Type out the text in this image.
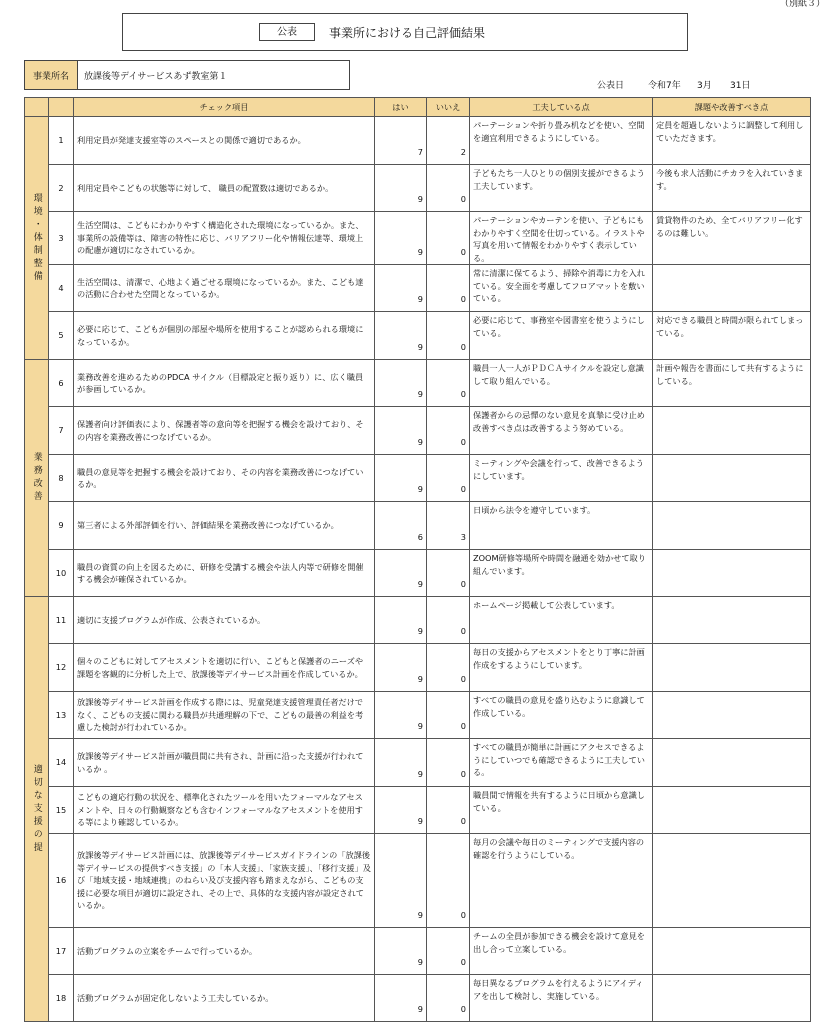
（別紙３）
公表	事業所における自己評価結果
事業所名	放課後等デイサービスあず教室第１
公表日	令和7年 3月 31日
		チェック項目	はい	いいえ	工夫している点	課題や改善すべき点

環境・体制整備	1	利用定員が発達支援室等のスペースとの関係で適切であるか。	7	2	パーテーションや折り畳み机などを使い、空間を適宜利用できるようにしている。	定員を超過しないように調整して利用していただきます。
	2	利用定員やこどもの状態等に対して、 職員の配置数は適切であるか。	9	0	子どもたち一人ひとりの個別支援ができるよう工夫しています。	今後も求人活動にチカラを入れていきます。
	3	生活空間は、こどもにわかりやすく構造化された環境になっているか。また、事業所の設備等は、障害の特性に応じ、バリアフリー化や情報伝達等、環境上の配慮が適切になされているか。	9	0	パーテーションやカーテンを使い、子どもにもわかりやすく空間を仕切っている。イラストや写真を用いて情報をわかりやすく表示している。	賃貸物件のため、全てバリアフリー化するのは難しい。
	4	生活空間は、清潔で、心地よく過ごせる環境になっているか。また、こども達の活動に合わせた空間となっているか。	9	0	常に清潔に保てるよう、掃除や消毒に力を入れている。安全面を考慮してフロアマットを敷いている。	
	5	必要に応じて、こどもが個別の部屋や場所を使用することが認められる環境になっているか。	9	0	必要に応じて、事務室や図書室を使うようにしている。	対応できる職員と時間が限られてしまっている。

業務改善	6	業務改善を進めるためのPDCA サイクル（目標設定と振り返り）に、広く職員が参画しているか。	9	0	職員一人一人がＰＤＣＡサイクルを設定し意識して取り組んでいる。	計画や報告を書面にして共有するようにしている。
	7	保護者向け評価表により、保護者等の意向等を把握する機会を設けており、その内容を業務改善につなげているか。	9	0	保護者からの忌憚のない意見を真摯に受け止め改善すべき点は改善するよう努めている。	
	8	職員の意見等を把握する機会を設けており、その内容を業務改善につなげているか。	9	0	ミーティングや会議を行って、改善できるようにしています。	
	9	第三者による外部評価を行い、評価結果を業務改善につなげているか。	6	3	日頃から法令を遵守しています。	
	10	職員の資質の向上を図るために、研修を受講する機会や法人内等で研修を開催する機会が確保されているか。	9	0	ZOOM研修等場所や時間を融通を効かせて取り組んでいます。	

適切な支援の提	11	適切に支援プログラムが作成、公表されているか。	9	0	ホームページ掲載して公表しています。	
	12	個々のこどもに対してアセスメントを適切に行い、こどもと保護者のニーズや課題を客観的に分析した上で、放課後等デイサービス計画を作成しているか。	9	0	毎日の支援からアセスメントをとり丁寧に計画作成をするようにしています。	
	13	放課後等デイサービス計画を作成する際には、児童発達支援管理責任者だけでなく、こどもの支援に関わる職員が共通理解の下で、こどもの最善の利益を考慮した検討が行われているか。	9	0	すべての職員の意見を盛り込むように意識して作成している。	
	14	放課後等デイサービス計画が職員間に共有され、計画に沿った支援が行われているか 。	9	0	すべての職員が簡単に計画にアクセスできるようにしていつでも確認できるように工夫している。	
	15	こどもの適応行動の状況を、標準化されたツールを用いたフォーマルなアセスメントや、日々の行動観察なども含むインフォーマルなアセスメントを使用する等により確認しているか。	9	0	職員間で情報を共有するように日頃から意識している。	
	16	放課後等デイサービス計画には、放課後等デイサービスガイドラインの「放課後等デイサービスの提供すべき支援」の「本人支援」、「家族支援」、「移行支援」及び「地域支援・地域連携」のねらい及び支援内容も踏まえながら、こどもの支援に必要な項目が適切に設定され、その上で、具体的な支援内容が設定されているか。	9	0	毎月の会議や毎日のミーティングで支援内容の確認を行うようにしている。	
	17	活動プログラムの立案をチームで行っているか。	9	0	チームの全員が参加できる機会を設けて意見を出し合って立案している。	
	18	活動プログラムが固定化しないよう工夫しているか。	9	0	毎日異なるプログラムを行えるようにアイディアを出して検討し、実施している。	
